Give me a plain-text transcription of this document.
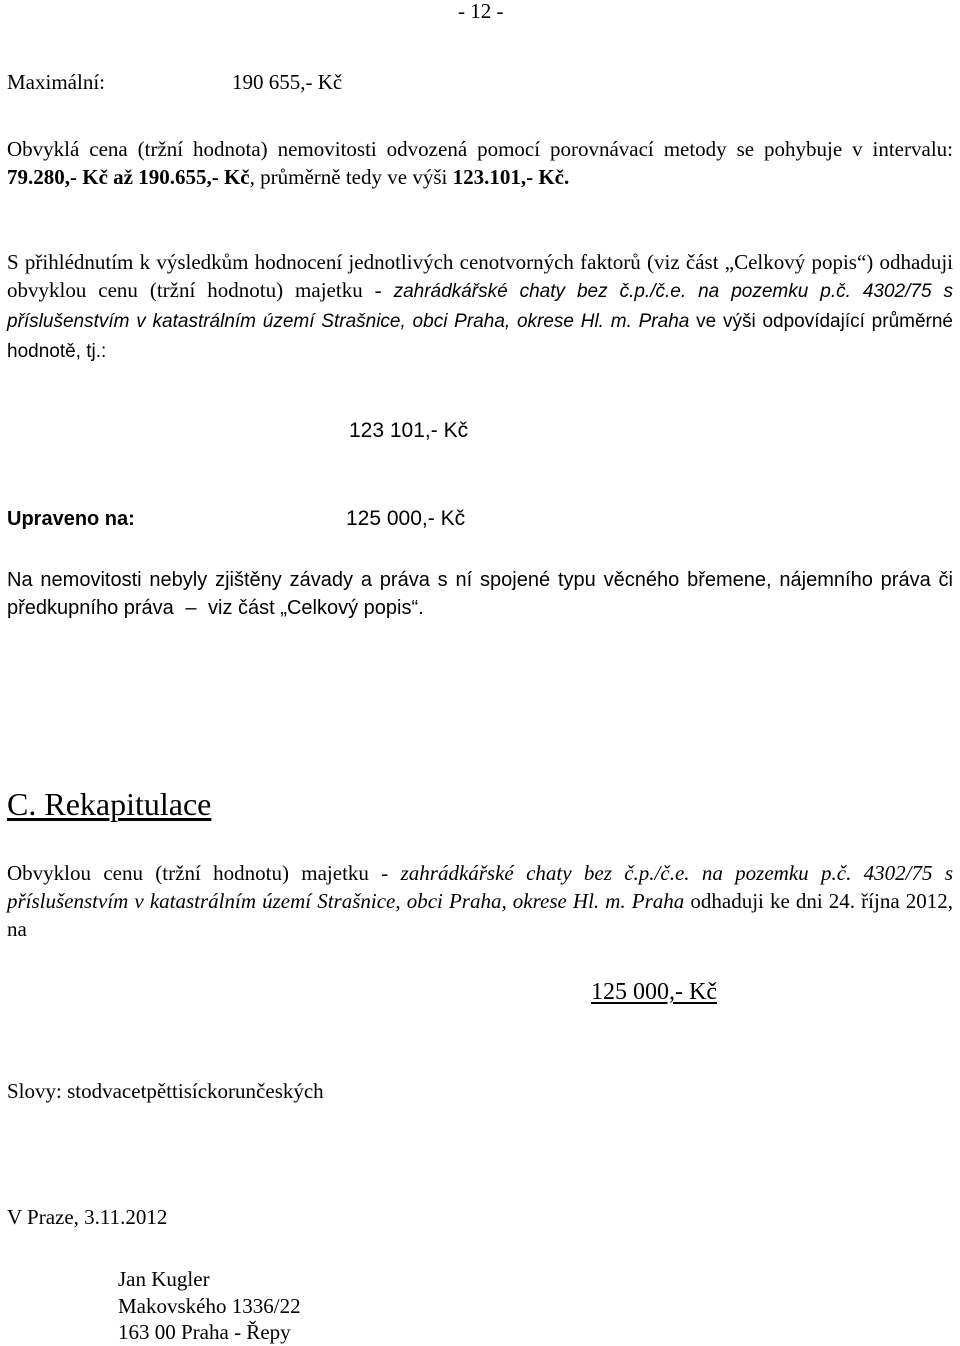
- 12 -
Maximální:	190 655,- Kč
Obvyklá cena (tržní hodnota) nemovitosti odvozená pomocí porovnávací metody se pohybuje v intervalu: 79.280,- Kč až 190.655,- Kč, průměrně tedy ve výši 123.101,- Kč.
S přihlédnutím k výsledkům hodnocení jednotlivých cenotvorných faktorů (viz část „Celkový popis“) odhaduji obvyklou cenu (tržní hodnotu) majetku - zahrádkářské chaty bez č.p./č.e. na pozemku p.č. 4302/75 s příslušenstvím v katastrálním území Strašnice, obci Praha, okrese Hl. m. Praha ve výši odpovídající průměrné hodnotě, tj.:
123 101,- Kč
Upraveno na:	125 000,- Kč
Na nemovitosti nebyly zjištěny závady a práva s ní spojené typu věcného břemene, nájemního práva či předkupního práva – viz část „Celkový popis“.
C. Rekapitulace
Obvyklou cenu (tržní hodnotu) majetku - zahrádkářské chaty bez č.p./č.e. na pozemku p.č. 4302/75 s příslušenstvím v katastrálním území Strašnice, obci Praha, okrese Hl. m. Praha odhaduji ke dni 24. října 2012, na
125 000,- Kč
Slovy: stodvacetpěttisíckorunčeských
V Praze, 3.11.2012
Jan Kugler
Makovského 1336/22
163 00 Praha - Řepy
